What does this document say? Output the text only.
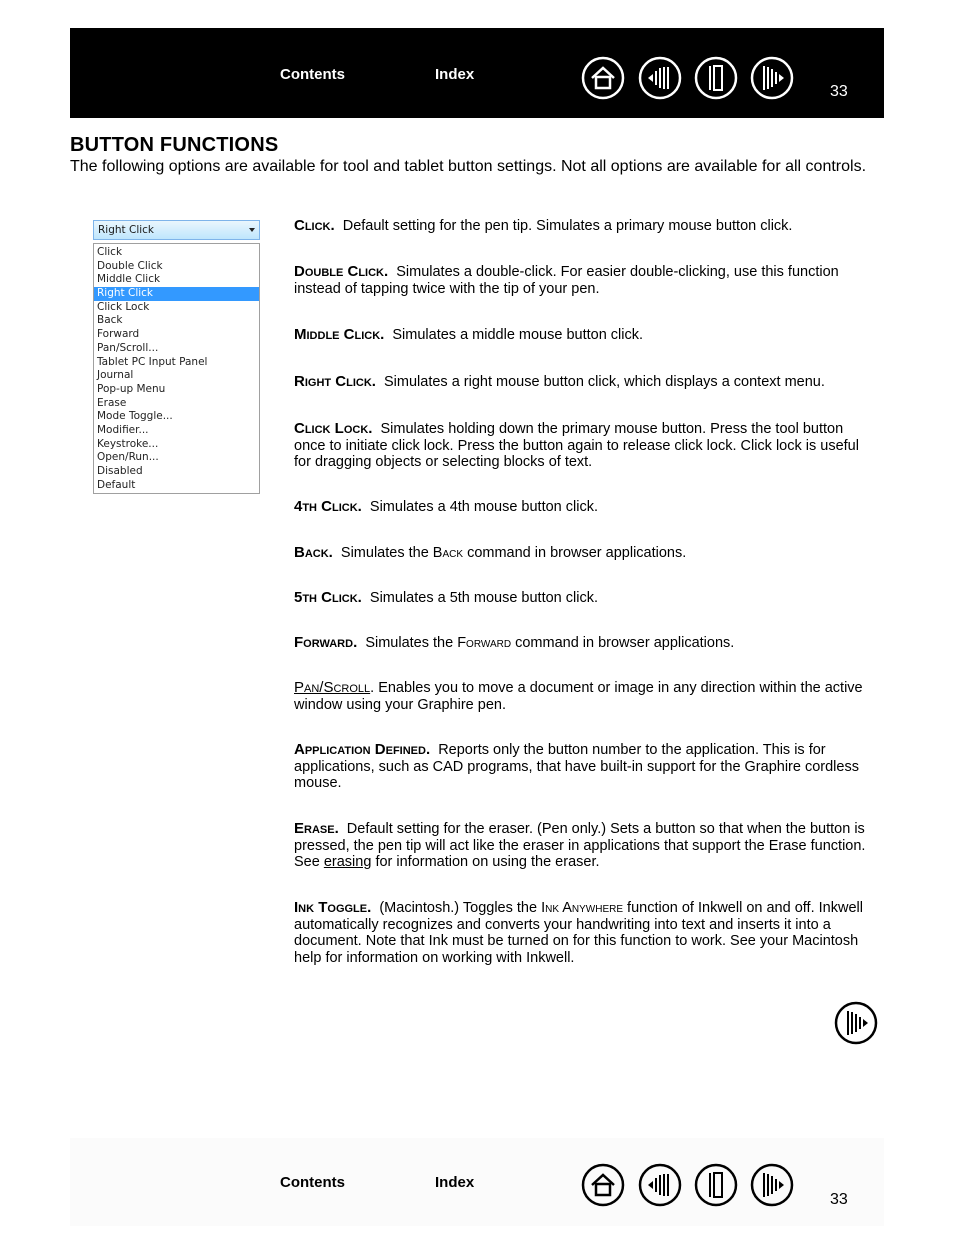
Contents	Index
33
BUTTON FUNCTIONS

The following options are available for tool and tablet button settings. Not all options are available for all controls.

Right Click
Click
Double Click
Middle Click
Right Click
Click Lock
Back
Forward
Pan/Scroll...
Tablet PC Input Panel
Journal
Pop-up Menu
Erase
Mode Toggle...
Modifier...
Keystroke...
Open/Run...
Disabled
Default

Click. Default setting for the pen tip. Simulates a primary mouse button click.

Double Click. Simulates a double-click. For easier double-clicking, use this function instead of tapping twice with the tip of your pen.

Middle Click. Simulates a middle mouse button click.

Right Click. Simulates a right mouse button click, which displays a context menu.

Click Lock. Simulates holding down the primary mouse button. Press the tool button once to initiate click lock. Press the button again to release click lock. Click lock is useful for dragging objects or selecting blocks of text.

4th Click. Simulates a 4th mouse button click.

Back. Simulates the Back command in browser applications.

5th Click. Simulates a 5th mouse button click.

Forward. Simulates the Forward command in browser applications.

Pan/Scroll. Enables you to move a document or image in any direction within the active window using your Graphire pen.

Application Defined. Reports only the button number to the application. This is for applications, such as CAD programs, that have built-in support for the Graphire cordless mouse.

Erase. Default setting for the eraser. (Pen only.) Sets a button so that when the button is pressed, the pen tip will act like the eraser in applications that support the Erase function. See erasing for information on using the eraser.

Ink Toggle. (Macintosh.) Toggles the Ink Anywhere function of Inkwell on and off. Inkwell automatically recognizes and converts your handwriting into text and inserts it into a document. Note that Ink must be turned on for this function to work. See your Macintosh help for information on working with Inkwell.

Contents	Index
33
